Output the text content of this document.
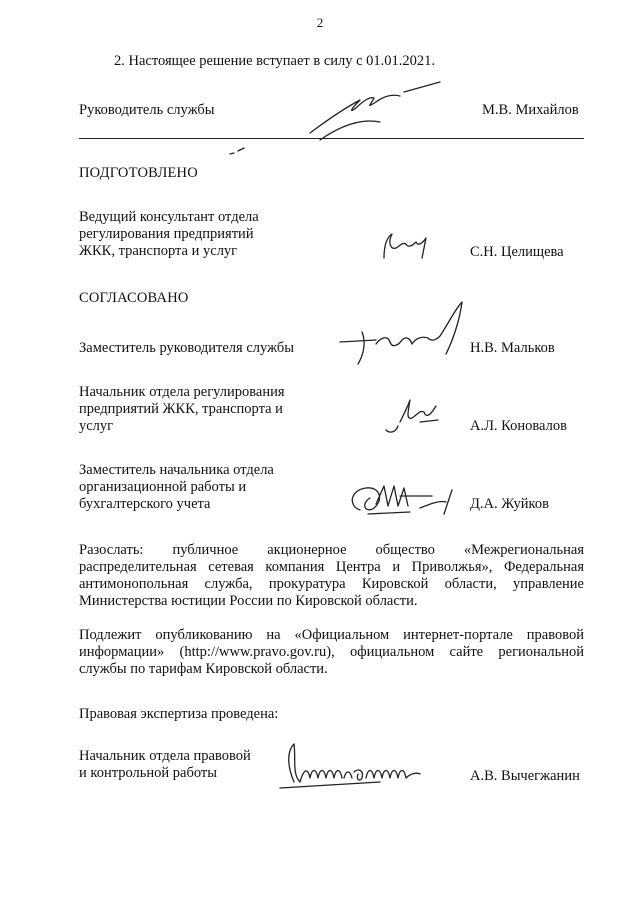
2
2. Настоящее решение вступает в силу с 01.01.2021.
Руководитель службы	М.В. Михайлов
ПОДГОТОВЛЕНО
Ведущий консультант отдела
регулирования предприятий
ЖКК, транспорта и услуг	С.Н. Целищева
СОГЛАСОВАНО
Заместитель руководителя службы	Н.В. Мальков
Начальник отдела регулирования
предприятий ЖКК, транспорта и
услуг	А.Л. Коновалов
Заместитель начальника отдела
организационной работы и
бухгалтерского учета	Д.А. Жуйков
Разослать: публичное акционерное общество «Межрегиональная распределительная сетевая компания Центра и Приволжья», Федеральная антимонопольная служба, прокуратура Кировской области, управление Министерства юстиции России по Кировской области.
Подлежит опубликованию на «Официальном интернет-портале правовой информации» (http://www.pravo.gov.ru), официальном сайте региональной службы по тарифам Кировской области.
Правовая экспертиза проведена:
Начальник отдела правовой
и контрольной работы	А.В. Вычегжанин
